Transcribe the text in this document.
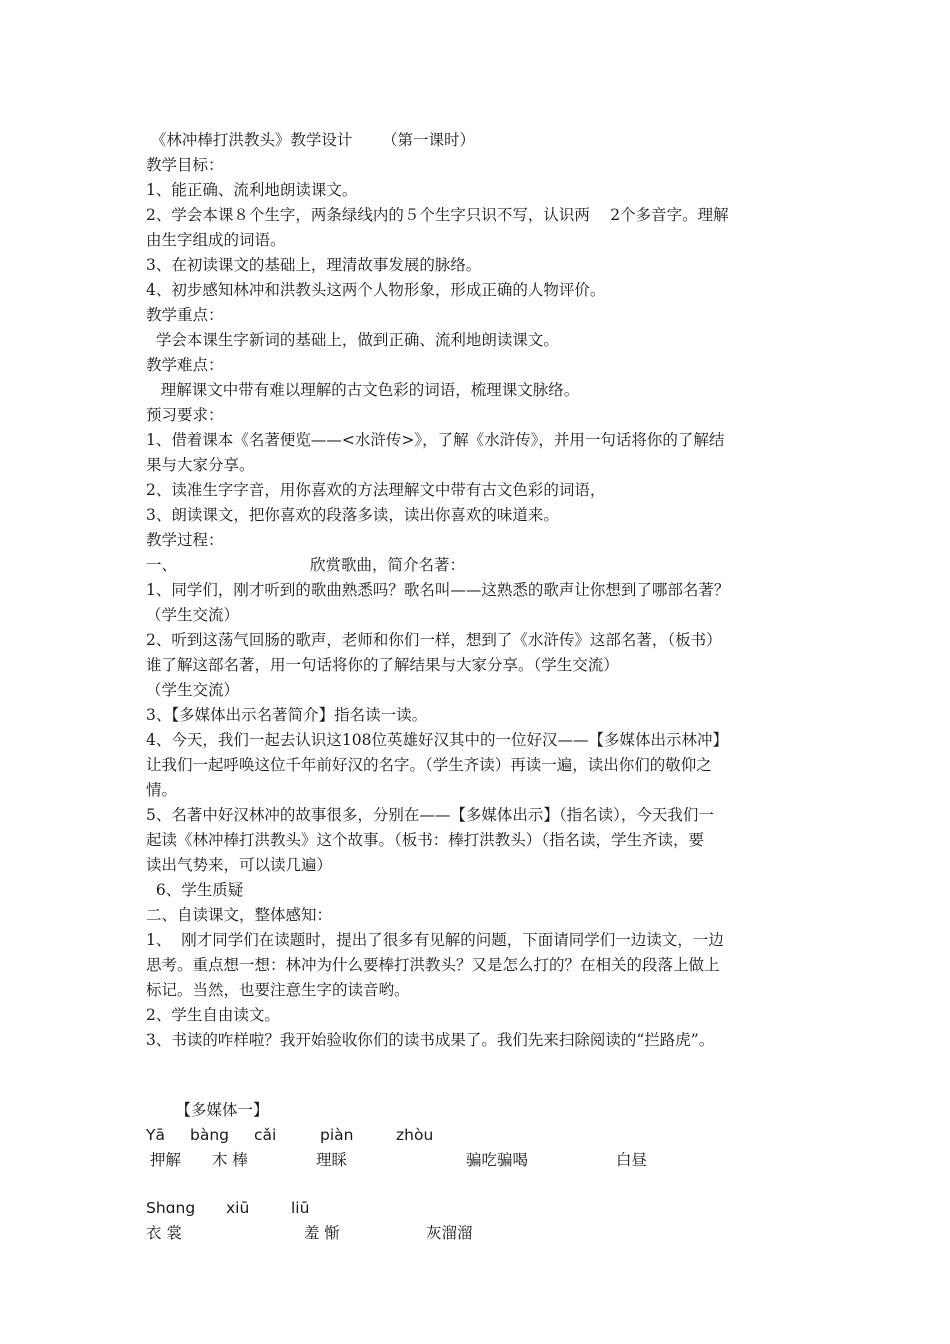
《林冲棒打洪教头》教学设计      （第一课时）
教学目标：
1、能正确、流利地朗读课文。
2、学会本课８个生字，两条绿线内的５个生字只识不写，认识两　 2个多音字。理解
由生字组成的词语。
3、在初读课文的基础上，理清故事发展的脉络。
4、初步感知林冲和洪教头这两个人物形象，形成正确的人物评价。
教学重点：
学会本课生字新词的基础上，做到正确、流利地朗读课文。
教学难点：
理解课文中带有难以理解的古文色彩的词语，梳理课文脉络。
预习要求：
1、借着课本《名著便览——<水浒传>》，了解《水浒传》，并用一句话将你的了解结
果与大家分享。
2、读准生字字音，用你喜欢的方法理解文中带有古文色彩的词语，
3、朗读课文，把你喜欢的段落多读，读出你喜欢的味道来。
教学过程：
一、                           欣赏歌曲，简介名著：
1、同学们，刚才听到的歌曲熟悉吗？歌名叫——这熟悉的歌声让你想到了哪部名著？
（学生交流）
2、听到这荡气回肠的歌声，老师和你们一样，想到了《水浒传》这部名著，（板书）
谁了解这部名著，用一句话将你的了解结果与大家分享。（学生交流）
（学生交流）
3、【多媒体出示名著简介】指名读一读。
4、今天，我们一起去认识这108位英雄好汉其中的一位好汉——【多媒体出示林冲】
让我们一起呼唤这位千年前好汉的名字。（学生齐读）再读一遍，读出你们的敬仰之
情。
5、名著中好汉林冲的故事很多，分别在——【多媒体出示】（指名读），今天我们一
起读《林冲棒打洪教头》这个故事。（板书：棒打洪教头）（指名读，学生齐读，要
读出气势来，可以读几遍）
6、学生质疑
二、自读课文，整体感知：
1、  刚才同学们在读题时，提出了很多有见解的问题，下面请同学们一边读文，一边
思考。重点想一想：林冲为什么要棒打洪教头？又是怎么打的？在相关的段落上做上
标记。当然，也要注意生字的读音哟。
2、学生自由读文。
3、书读的咋样啦？我开始验收你们的读书成果了。我们先来扫除阅读的“拦路虎”。
【多媒体一】
Yā bàng cǎi	piàn	zhòu
押解 木 棒	理睬	骗吃骗喝	白昼
Shɑng xiū	liū
衣 裳	羞 惭	灰溜溜
